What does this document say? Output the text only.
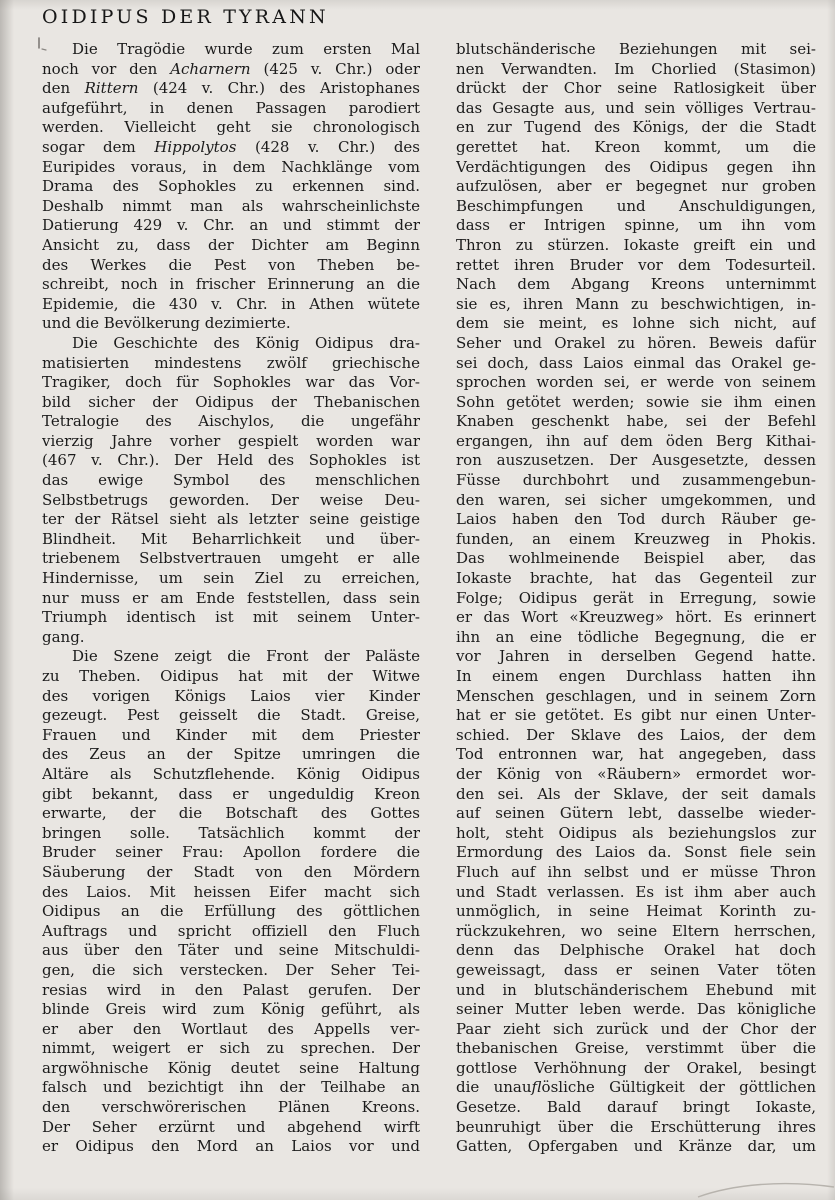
OIDIPUS DER TYRANN
Die Tragödie wurde zum ersten Mal
noch vor den Acharnern (425 v. Chr.) oder
den Rittern (424 v. Chr.) des Aristophanes
aufgeführt, in denen Passagen parodiert
werden. Vielleicht geht sie chronologisch
sogar dem Hippolytos (428 v. Chr.) des
Euripides voraus, in dem Nachklänge vom
Drama des Sophokles zu erkennen sind.
Deshalb nimmt man als wahrscheinlichste
Datierung 429 v. Chr. an und stimmt der
Ansicht zu, dass der Dichter am Beginn
des Werkes die Pest von Theben be-
schreibt, noch in frischer Erinnerung an die
Epidemie, die 430 v. Chr. in Athen wütete
und die Bevölkerung dezimierte.
Die Geschichte des König Oidipus dra-
matisierten mindestens zwölf griechische
Tragiker, doch für Sophokles war das Vor-
bild sicher der Oidipus der Thebanischen
Tetralogie des Aischylos, die ungefähr
vierzig Jahre vorher gespielt worden war
(467 v. Chr.). Der Held des Sophokles ist
das ewige Symbol des menschlichen
Selbstbetrugs geworden. Der weise Deu-
ter der Rätsel sieht als letzter seine geistige
Blindheit. Mit Beharrlichkeit und über-
triebenem Selbstvertrauen umgeht er alle
Hindernisse, um sein Ziel zu erreichen,
nur muss er am Ende feststellen, dass sein
Triumph identisch ist mit seinem Unter-
gang.
Die Szene zeigt die Front der Paläste
zu Theben. Oidipus hat mit der Witwe
des vorigen Königs Laios vier Kinder
gezeugt. Pest geisselt die Stadt. Greise,
Frauen und Kinder mit dem Priester
des Zeus an der Spitze umringen die
Altäre als Schutzflehende. König Oidipus
gibt bekannt, dass er ungeduldig Kreon
erwarte, der die Botschaft des Gottes
bringen solle. Tatsächlich kommt der
Bruder seiner Frau: Apollon fordere die
Säuberung der Stadt von den Mördern
des Laios. Mit heissen Eifer macht sich
Oidipus an die Erfüllung des göttlichen
Auftrags und spricht offiziell den Fluch
aus über den Täter und seine Mitschuldi-
gen, die sich verstecken. Der Seher Tei-
resias wird in den Palast gerufen. Der
blinde Greis wird zum König geführt, als
er aber den Wortlaut des Appells ver-
nimmt, weigert er sich zu sprechen. Der
argwöhnische König deutet seine Haltung
falsch und bezichtigt ihn der Teilhabe an
den verschwörerischen Plänen Kreons.
Der Seher erzürnt und abgehend wirft
er Oidipus den Mord an Laios vor und
blutschänderische Beziehungen mit sei-
nen Verwandten. Im Chorlied (Stasimon)
drückt der Chor seine Ratlosigkeit über
das Gesagte aus, und sein völliges Vertrau-
en zur Tugend des Königs, der die Stadt
gerettet hat. Kreon kommt, um die
Verdächtigungen des Oidipus gegen ihn
aufzulösen, aber er begegnet nur groben
Beschimpfungen und Anschuldigungen,
dass er Intrigen spinne, um ihn vom
Thron zu stürzen. Iokaste greift ein und
rettet ihren Bruder vor dem Todesurteil.
Nach dem Abgang Kreons unternimmt
sie es, ihren Mann zu beschwichtigen, in-
dem sie meint, es lohne sich nicht, auf
Seher und Orakel zu hören. Beweis dafür
sei doch, dass Laios einmal das Orakel ge-
sprochen worden sei, er werde von seinem
Sohn getötet werden; sowie sie ihm einen
Knaben geschenkt habe, sei der Befehl
ergangen, ihn auf dem öden Berg Kithai-
ron auszusetzen. Der Ausgesetzte, dessen
Füsse durchbohrt und zusammengebun-
den waren, sei sicher umgekommen, und
Laios haben den Tod durch Räuber ge-
funden, an einem Kreuzweg in Phokis.
Das wohlmeinende Beispiel aber, das
Iokaste brachte, hat das Gegenteil zur
Folge; Oidipus gerät in Erregung, sowie
er das Wort «Kreuzweg» hört. Es erinnert
ihn an eine tödliche Begegnung, die er
vor Jahren in derselben Gegend hatte.
In einem engen Durchlass hatten ihn
Menschen geschlagen, und in seinem Zorn
hat er sie getötet. Es gibt nur einen Unter-
schied. Der Sklave des Laios, der dem
Tod entronnen war, hat angegeben, dass
der König von «Räubern» ermordet wor-
den sei. Als der Sklave, der seit damals
auf seinen Gütern lebt, dasselbe wieder-
holt, steht Oidipus als beziehungslos zur
Ermordung des Laios da. Sonst fiele sein
Fluch auf ihn selbst und er müsse Thron
und Stadt verlassen. Es ist ihm aber auch
unmöglich, in seine Heimat Korinth zu-
rückzukehren, wo seine Eltern herrschen,
denn das Delphische Orakel hat doch
geweissagt, dass er seinen Vater töten
und in blutschänderischem Ehebund mit
seiner Mutter leben werde. Das königliche
Paar zieht sich zurück und der Chor der
thebanischen Greise, verstimmt über die
gottlose Verhöhnung der Orakel, besingt
die unauflösliche Gültigkeit der göttlichen
Gesetze. Bald darauf bringt Iokaste,
beunruhigt über die Erschütterung ihres
Gatten, Opfergaben und Kränze dar, um
